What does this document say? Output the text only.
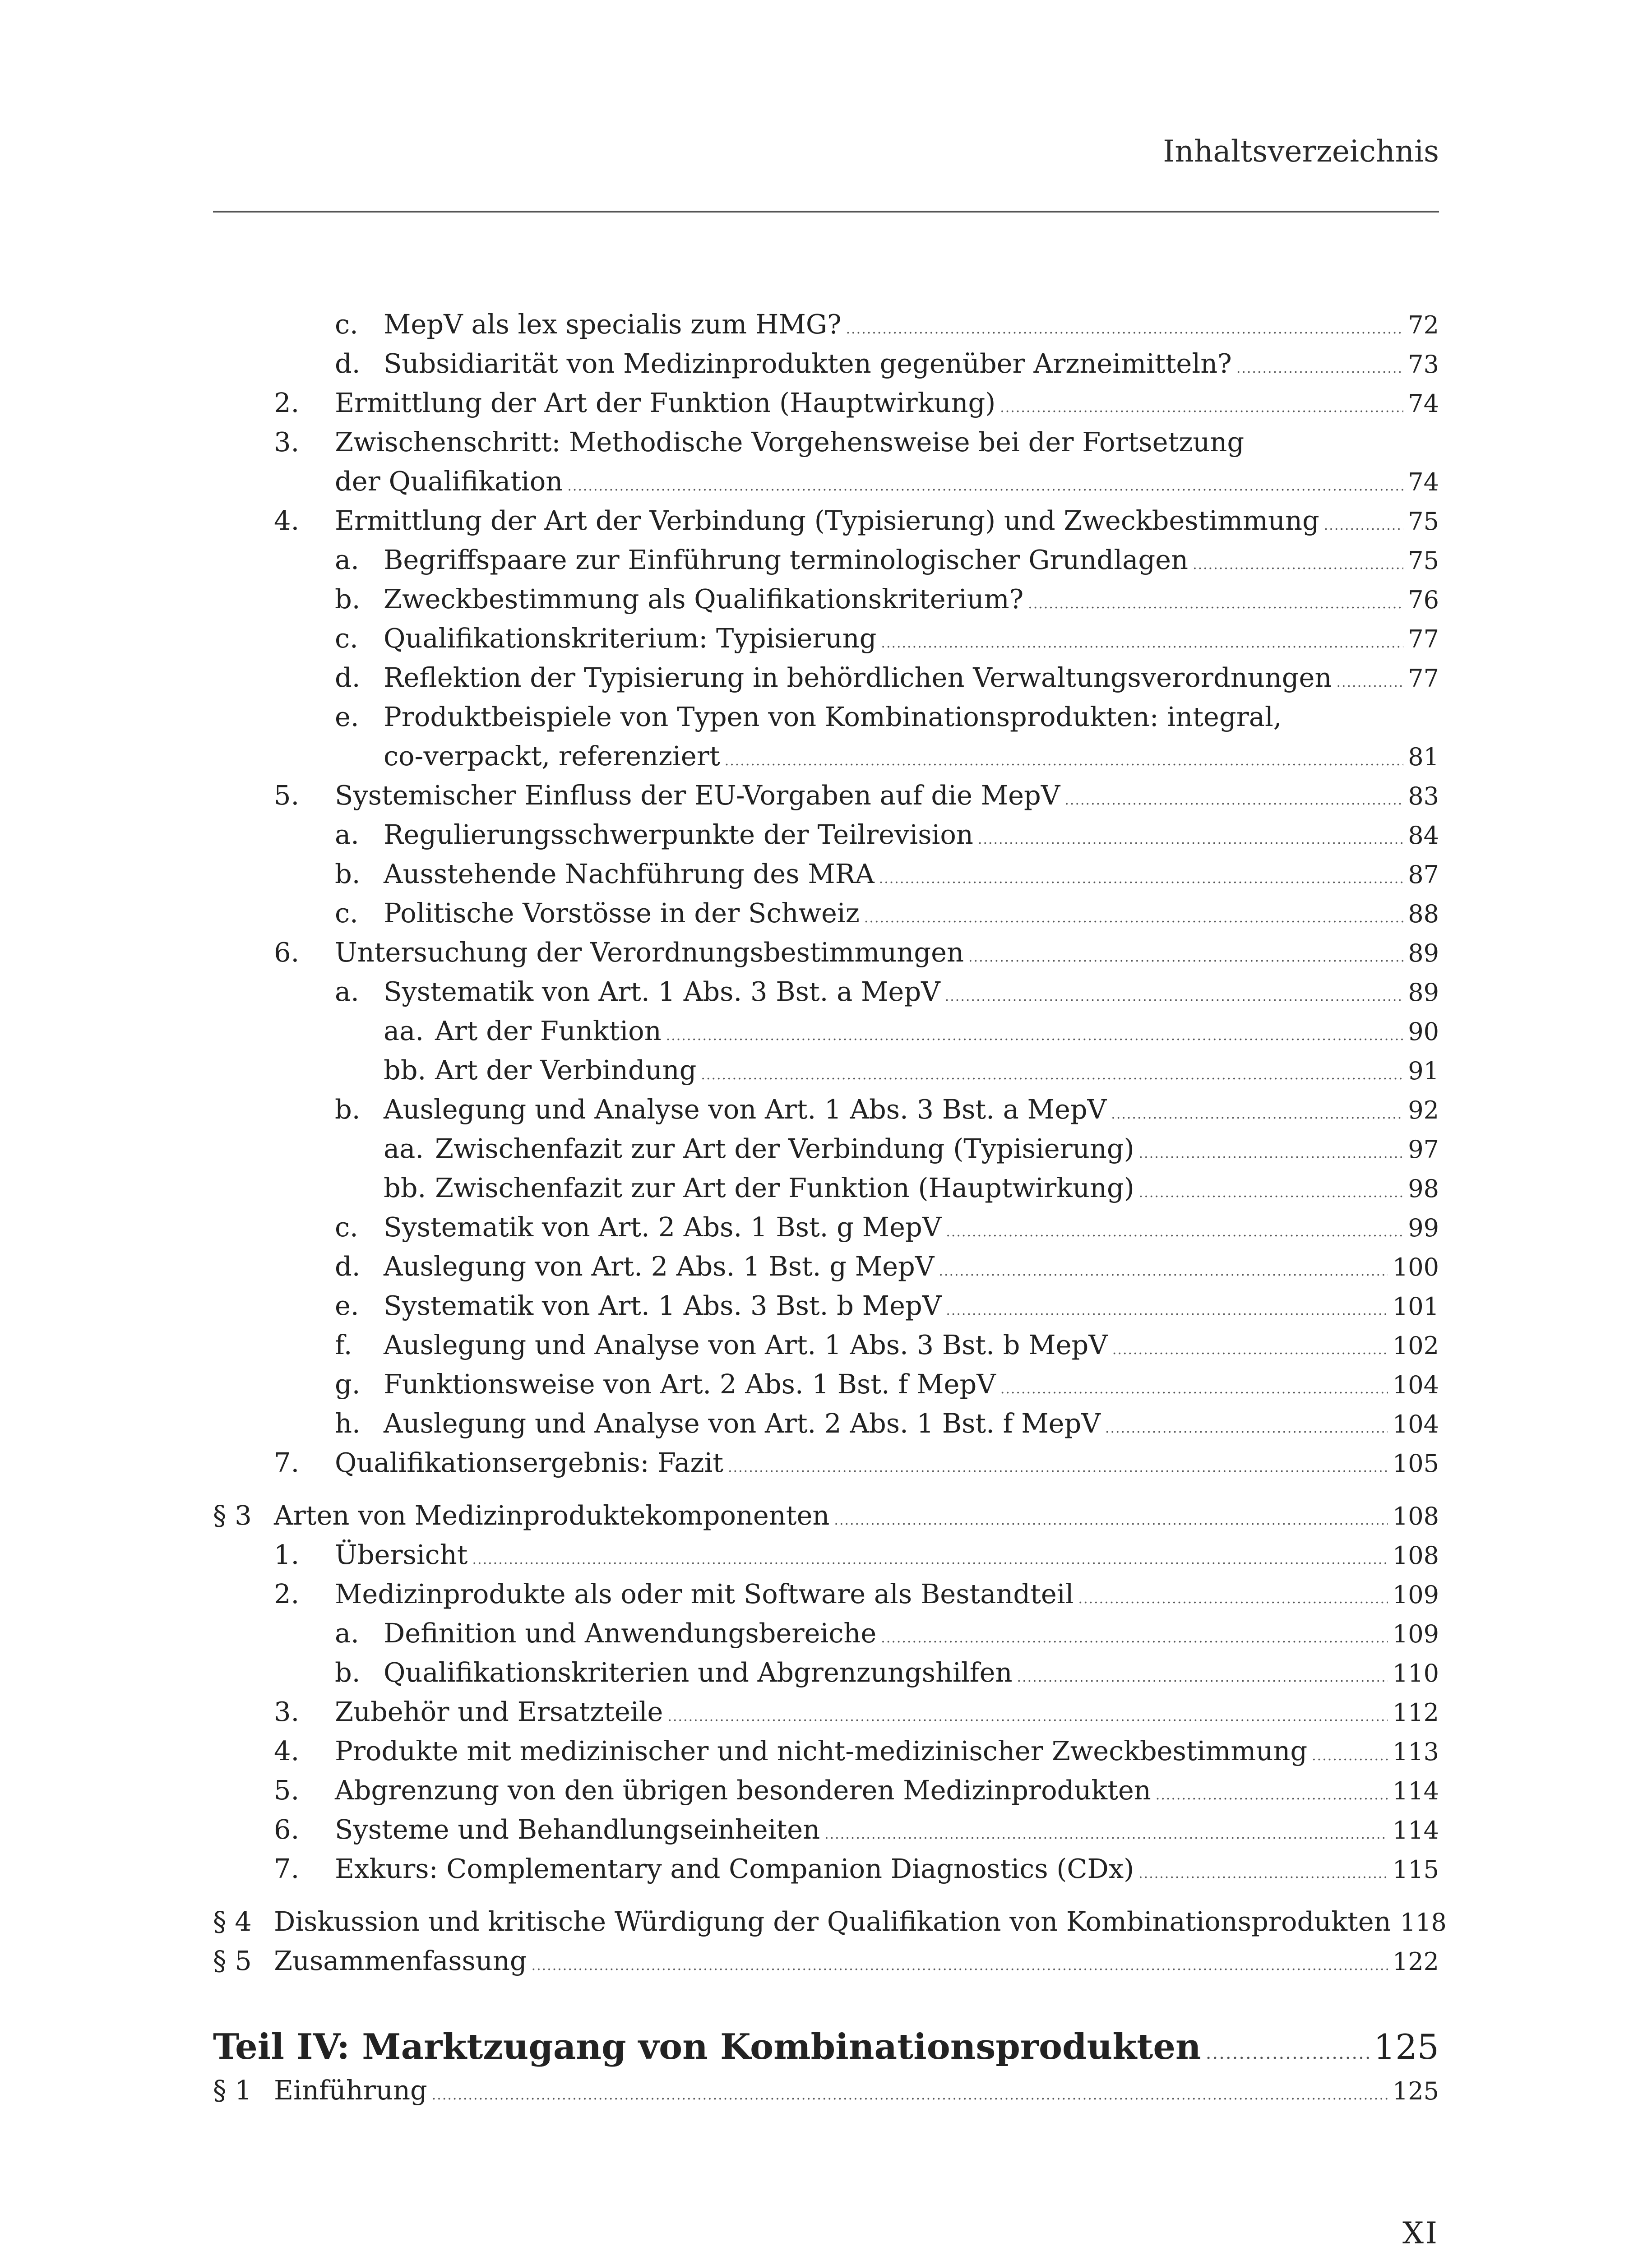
Inhaltsverzeichnis
c. MepV als lex specialis zum HMG? .....	72
d. Subsidiarität von Medizinprodukten gegenüber Arzneimitteln? .....	73
2. Ermittlung der Art der Funktion (Hauptwirkung) .....	74
3. Zwischenschritt: Methodische Vorgehensweise bei der Fortsetzung
der Qualifikation .....	74
4. Ermittlung der Art der Verbindung (Typisierung) und Zweckbestimmung .....	75
a. Begriffspaare zur Einführung terminologischer Grundlagen .....	75
b. Zweckbestimmung als Qualifikationskriterium? .....	76
c. Qualifikationskriterium: Typisierung .....	77
d. Reflektion der Typisierung in behördlichen Verwaltungsverordnungen .....	77
e. Produktbeispiele von Typen von Kombinationsprodukten: integral,
co-verpackt, referenziert .....	81
5. Systemischer Einfluss der EU-Vorgaben auf die MepV .....	83
a. Regulierungsschwerpunkte der Teilrevision .....	84
b. Ausstehende Nachführung des MRA .....	87
c. Politische Vorstösse in der Schweiz .....	88
6. Untersuchung der Verordnungsbestimmungen .....	89
a. Systematik von Art. 1 Abs. 3 Bst. a MepV .....	89
aa. Art der Funktion .....	90
bb. Art der Verbindung .....	91
b. Auslegung und Analyse von Art. 1 Abs. 3 Bst. a MepV .....	92
aa. Zwischenfazit zur Art der Verbindung (Typisierung) .....	97
bb. Zwischenfazit zur Art der Funktion (Hauptwirkung) .....	98
c. Systematik von Art. 2 Abs. 1 Bst. g MepV .....	99
d. Auslegung von Art. 2 Abs. 1 Bst. g MepV .....	100
e. Systematik von Art. 1 Abs. 3 Bst. b MepV .....	101
f. Auslegung und Analyse von Art. 1 Abs. 3 Bst. b MepV .....	102
g. Funktionsweise von Art. 2 Abs. 1 Bst. f MepV .....	104
h. Auslegung und Analyse von Art. 2 Abs. 1 Bst. f MepV .....	104
7. Qualifikationsergebnis: Fazit .....	105
§ 3 Arten von Medizinproduktekomponenten .....	108
1. Übersicht .....	108
2. Medizinprodukte als oder mit Software als Bestandteil .....	109
a. Definition und Anwendungsbereiche .....	109
b. Qualifikationskriterien und Abgrenzungshilfen .....	110
3. Zubehör und Ersatzteile .....	112
4. Produkte mit medizinischer und nicht-medizinischer Zweckbestimmung .....	113
5. Abgrenzung von den übrigen besonderen Medizinprodukten .....	114
6. Systeme und Behandlungseinheiten .....	114
7. Exkurs: Complementary and Companion Diagnostics (CDx) .....	115
§ 4 Diskussion und kritische Würdigung der Qualifikation von Kombinationsprodukten 118
§ 5 Zusammenfassung .....	122
Teil IV: Marktzugang von Kombinationsprodukten .....	125
§ 1 Einführung .....	125
XI
